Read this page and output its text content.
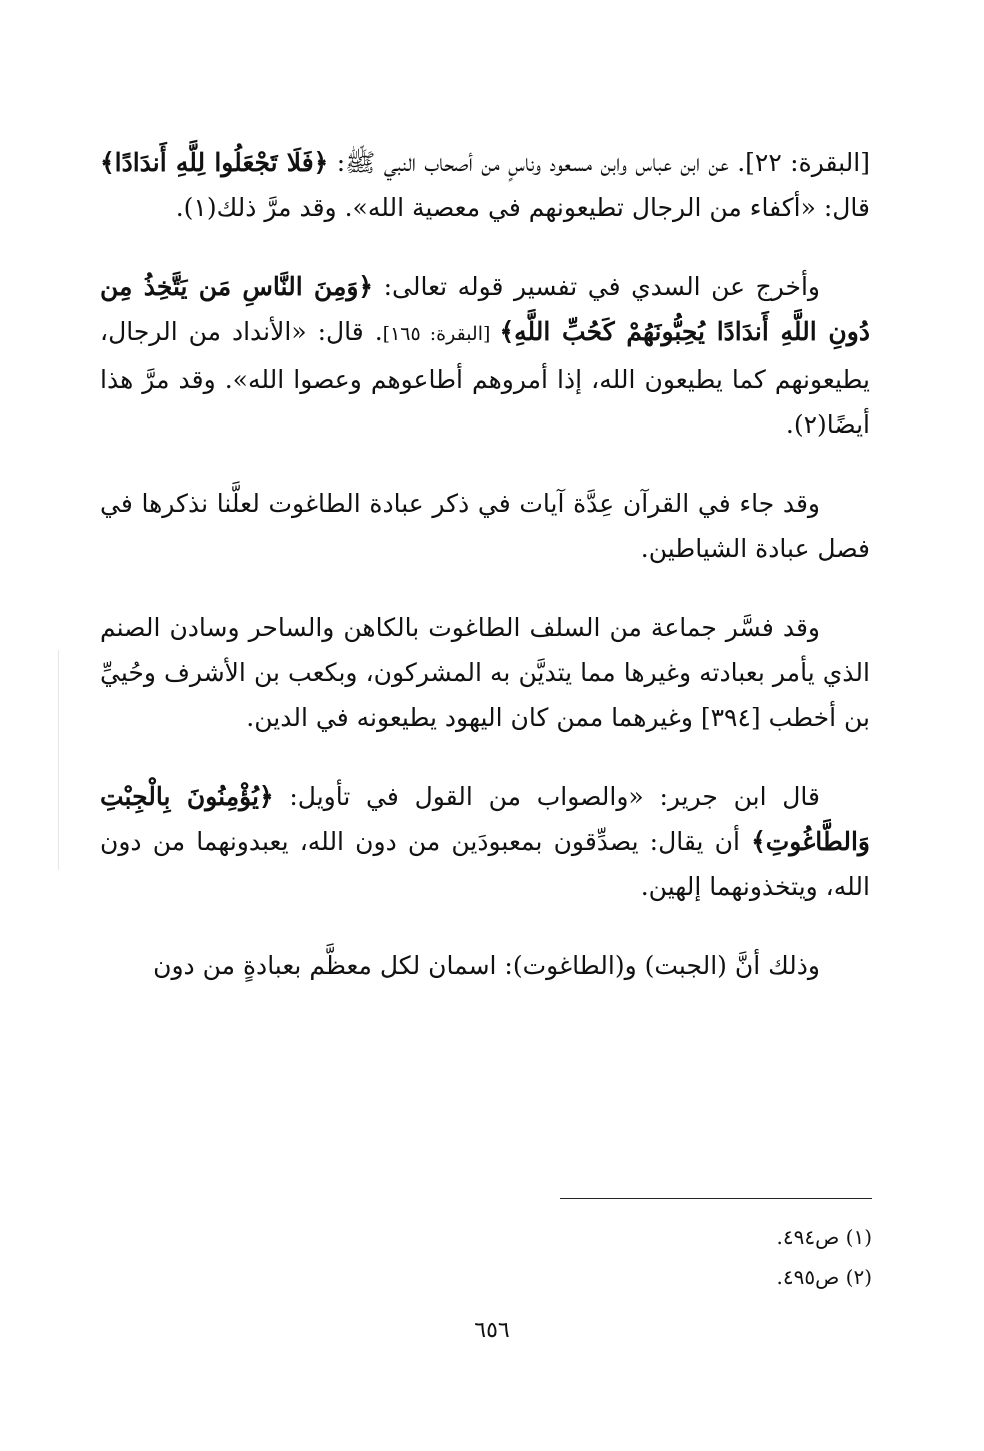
[البقرة: ٢٢]. عن ابن عباس وابن مسعود وناسٍ من أصحاب النبي ﷺ: ﴿فَلَا تَجْعَلُوا لِلَّهِ أَندَادًا﴾ قال: «أكفاء من الرجال تطيعونهم في معصية الله». وقد مرَّ ذلك(١).

وأخرج عن السدي في تفسير قوله تعالى: ﴿وَمِنَ النَّاسِ مَن يَتَّخِذُ مِن دُونِ اللَّهِ أَندَادًا يُحِبُّونَهُمْ كَحُبِّ اللَّهِ﴾ [البقرة: ١٦٥]. قال: «الأنداد من الرجال، يطيعونهم كما يطيعون الله، إذا أمروهم أطاعوهم وعصوا الله». وقد مرَّ هذا أيضًا(٢).

وقد جاء في القرآن عِدَّة آيات في ذكر عبادة الطاغوت لعلَّنا نذكرها في فصل عبادة الشياطين.

وقد فسَّر جماعة من السلف الطاغوت بالكاهن والساحر وسادن الصنم الذي يأمر بعبادته وغيرها مما يتديَّن به المشركون، وبكعب بن الأشرف وحُييِّ بن أخطب [٣٩٤] وغيرهما ممن كان اليهود يطيعونه في الدين.

قال ابن جرير: «والصواب من القول في تأويل: ﴿يُؤْمِنُونَ بِالْجِبْتِ وَالطَّاغُوتِ﴾ أن يقال: يصدِّقون بمعبودَين من دون الله، يعبدونهما من دون الله، ويتخذونهما إلهين.

وذلك أنَّ (الجبت) و(الطاغوت): اسمان لكل معظَّم بعبادةٍ من دون

(١) ص٤٩٤.
(٢) ص٤٩٥.
٦٥٦
